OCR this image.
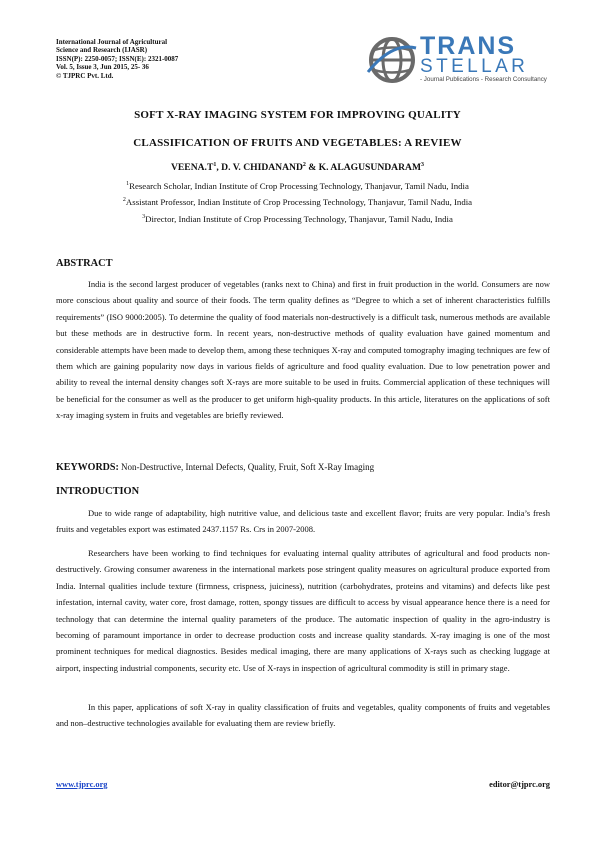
International Journal of Agricultural
Science and Research (IJASR)
ISSN(P): 2250-0057; ISSN(E): 2321-0087
Vol. 5, Issue 3, Jun 2015, 25- 36
© TJPRC Pvt. Ltd.
TRANS
STELLAR
- Journal Publications - Research Consultancy
SOFT X-RAY IMAGING SYSTEM FOR IMPROVING QUALITY
CLASSIFICATION OF FRUITS AND VEGETABLES: A REVIEW
$VEENA.T^1$, D. V. CHIDANAND$^2$ & K. ALAGUSUNDARAM$^3$
$^1$Research Scholar, Indian Institute of Crop Processing Technology, Thanjavur, Tamil Nadu, India
$^2$Assistant Professor, Indian Institute of Crop Processing Technology, Thanjavur, Tamil Nadu, India
$^3$Director, Indian Institute of Crop Processing Technology, Thanjavur, Tamil Nadu, India
ABSTRACT

India is the second largest producer of vegetables (ranks next to China) and first in fruit production in the world. Consumers are now more conscious about quality and source of their foods. The term quality defines as “Degree to which a set of inherent characteristics fulfills requirements” (ISO 9000:2005). To determine the quality of food materials non-destructively is a difficult task, numerous methods are available but these methods are in destructive form. In recent years, non-destructive methods of quality evaluation have gained momentum and considerable attempts have been made to develop them, among these techniques X-ray and computed tomography imaging techniques are few of them which are gaining popularity now days in various fields of agriculture and food quality evaluation. Due to low penetration power and ability to reveal the internal density changes soft X-rays are more suitable to be used in fruits. Commercial application of these techniques will be beneficial for the consumer as well as the producer to get uniform high-quality products. In this article, literatures on the applications of soft x-ray imaging system in fruits and vegetables are briefly reviewed.

KEYWORDS: Non-Destructive, Internal Defects, Quality, Fruit, Soft X-Ray Imaging
INTRODUCTION

Due to wide range of adaptability, high nutritive value, and delicious taste and excellent flavor; fruits are very popular. India’s fresh fruits and vegetables export was estimated 2437.1157 Rs. Crs in 2007-2008.

Researchers have been working to find techniques for evaluating internal quality attributes of agricultural and food products non-destructively. Growing consumer awareness in the international markets pose stringent quality measures on agricultural produce exported from India. Internal qualities include texture (firmness, crispness, juiciness), nutrition (carbohydrates, proteins and vitamins) and defects like pest infestation, internal cavity, water core, frost damage, rotten, spongy tissues are difficult to access by visual appearance hence there is a need for technology that can determine the internal quality parameters of the produce. The automatic inspection of quality in the agro-industry is becoming of paramount importance in order to decrease production costs and increase quality standards. X-ray imaging is one of the most prominent techniques for medical diagnostics. Besides medical imaging, there are many applications of X-rays such as checking luggage at airport, inspecting industrial components, security etc. Use of X-rays in inspection of agricultural commodity is still in primary stage.

In this paper, applications of soft X-ray in quality classification of fruits and vegetables, quality components of fruits and vegetables and non–destructive technologies available for evaluating them are review briefly.

www.tjprc.org	editor@tjprc.org
